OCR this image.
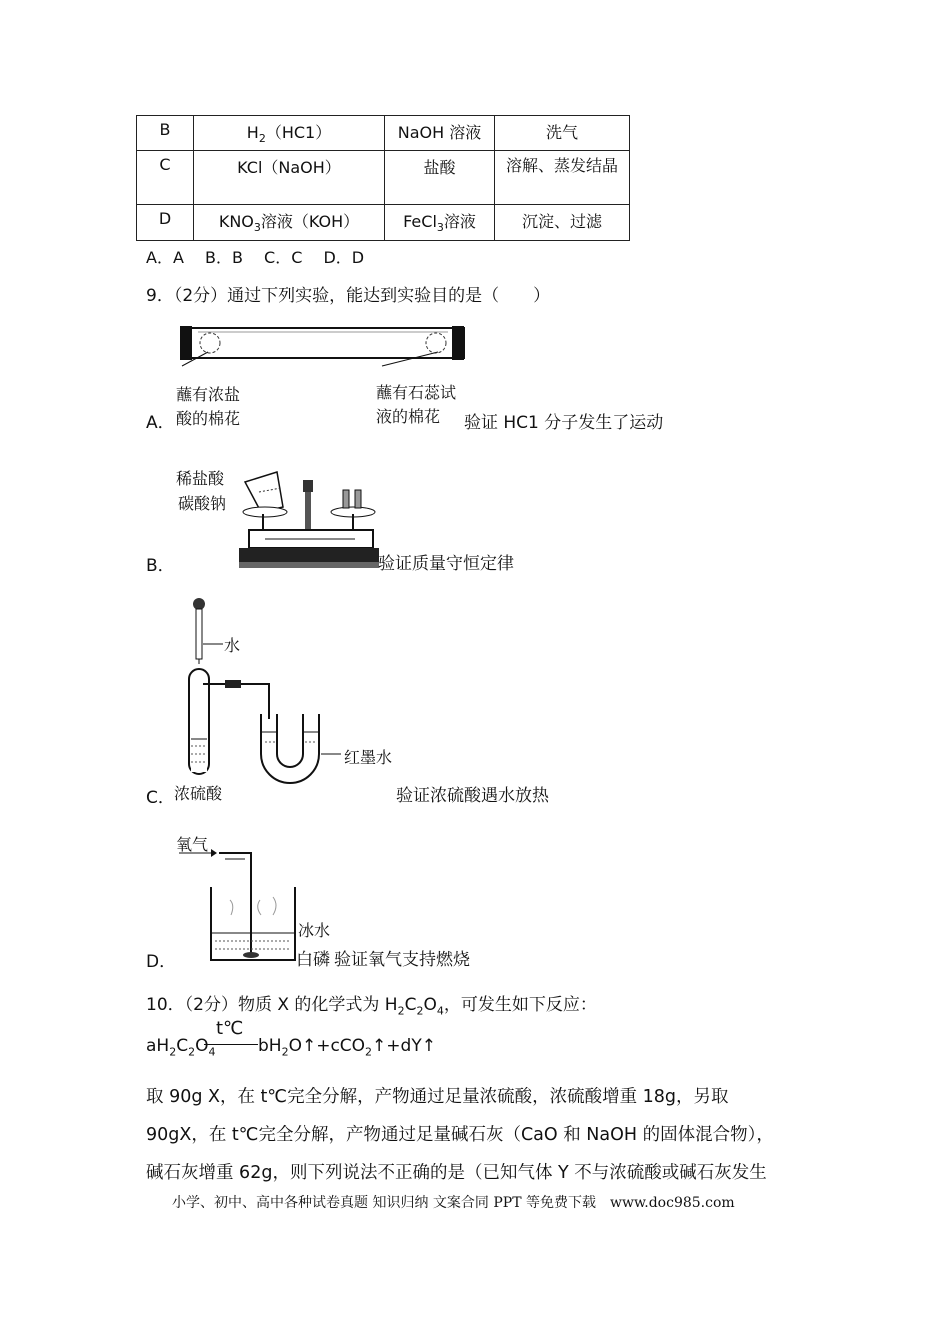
B	$H_2(HC1)$	NaOH 溶液	洗气
C	KCl（NaOH）	盐酸	溶解、蒸发结晶
D	$KNO_3$溶液（KOH）	FeCl$_3$溶液	沉淀、过滤
A．A　 B．B　 C．C　 D．D
9．（2分）通过下列实验，能达到实验目的是（　　）
蘸有浓盐
酸的棉花
蘸有石蕊试
液的棉花
A．	验证 HC1 分子发生了运动
稀盐酸
碳酸钠
B．	验证质量守恒定律
水
红墨水
浓硫酸
C．	验证浓硫酸遇水放热
氧气
冰水
D．	白磷 验证氧气支持燃烧
10．（2分）物质 X 的化学式为 $H_2C_2O_4$，可发生如下反应：
$aH_2C_2O_4$
t℃
$bH_2O↑+cCO_2↑+dY↑$
取 90g X，在 t℃完全分解，产物通过足量浓硫酸，浓硫酸增重 18g，另取
90gX，在 t℃完全分解，产物通过足量碱石灰（CaO 和 NaOH 的固体混合物），
碱石灰增重 62g，则下列说法不正确的是（已知气体 Y 不与浓硫酸或碱石灰发生
小学、初中、高中各种试卷真题 知识归纳 文案合同 PPT 等免费下载　www.doc985.com
